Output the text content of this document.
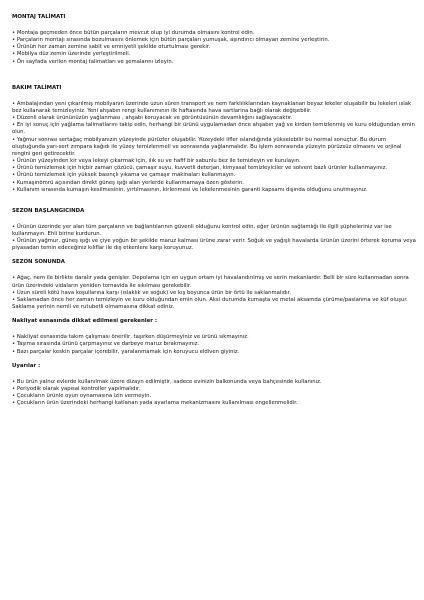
MONTAJ TALİMATI
• Montaja geçmeden önce bütün parçaların mevcut olup iyi durumda olmasını kontrol edin.
• Parçaların montajı sırasında bozulmasını önlemek için bütün parçaları yumuşak, aşındırıcı olmayan zemine yerleştirin.
• Ürünün her zaman zemine sabit ve emniyetli şekilde oturtulması gerekir.
• Mobilya düz zemin üzerinde yerleştirilmeli.
• Ön sayfada verilen montaj talimatları ve şemalarını izleyin.
BAKIM TALİMATI
• Ambalajından yeni çıkarılmış mobilyanın üzerinde uzun süren transport ve nem farklılıklarından kaynaklanan beyaz lekeler oluşabilir bu lekeleri ıslak bez kullanarak temizleyiniz. Yeni ahşabın rengi kullanımının ilk haftasında hava sartlarina bağlı olarak değişebilir.
• Düzenli olarak ürününüzün yağlanması , ahşabı koruyacak ve görüntüsünün devamlılığını sağlayacaktır.
• En iyi sonuç için yağlama talimatlarını takip edin, herhangi bir ürünü uygulamadan önce ahşabın yağ ve kirden temizlenmiş ve kuru olduğundan emin olun.
• Yağmur sonrası sertağaç mobilyanızın yüzeyinde pürüzler oluşabilir. Yüzeydeki lifler ıslandığında yükselebilir bu normal sonuçtur. Bu durum oluştuğunda yarı-sert zımpara kağıdı ile yüzey temizlenmeli ve sonrasında yağlanmalıdır. Bu işlem sonrasında yüzeyin pürüzsüz olmasını ve orjinal rengini geri getirecektir.
• Ürünün yüzeyinden kir veya lekeyi çıkarmak için, ılık su ve hafif bir sabunlu bez ile temizleyin ve kurulayın.
• Ürünü temizlemek için hiçbir zaman çözücü, çamaşır suyu, kuvvetli deterjan, kimyasal temizleyiciler ve solvent bazlı ürünler kullanmayınız.
• Ürünü temizlemek için yüksek basınçlı yıkama ve çamaşır makinaları kullanmayın.
• Kumaşınömrü açısından direkt güneş ışığı alan yerlerde kullanmamaya özen gösterin.
• Kullanım sırasında kumaşın kesilmesinin, yırtılmasının, kirlenmesi ve lekelenmesinin garanti kapsamı dışında olduğunu unutmayınız.
SEZON BAŞLANGICINDA
• Ürünün üzerinde yer alan tüm parçaların ve bağlantılarının güvenli olduğunu kontrol edin, eğer ürünün sağlamlığı ile ilgili şüpheleriniz var ise kullanmayın. Ehli birine kurdurun.
• Ürünün yağmur, güneş ışığı ve çiye yoğun bir şekilde maruz kalması ürüne zarar verir. Soğuk ve yağışlı havalarda ürünün üzerini örterek koruma veya piyasadan temin edeceğiniz kılıflar ile dış etkenlere karşı koruyunuz.
SEZON SONUNDA
• Ağaç, nem ile birlikte daralır yada genişler. Depolama için en uygun ortam iyi havalandırılmış ve serin mekanlardır. Belli bir süre kullanmadan sonra ürün üzerindeki vidaların yeniden tornavida ile sıkılması gerekebilir.
• Uzun süreli kötü hava koşullarına karşı (ıslaklık ve soğuk) ve kış boyunca ürün bir örtü ile saklanmalıdır.
• Saklamadan önce her zaman temizleyin ve kuru olduğundan emin olun. Aksi durumda kumaşta ve metal aksamda çürüme/paslanma ve küf oluşur. Saklama yerinin nemli ve rutubetli olmamasına dikkat ediniz.
Nakliyat esnasında dikkat edilmesi gerekenler :
• Nakliyat esnasında takım çalışması önerilir, taşırken düşürmeyiniz ve ürünü sıkmayınız.
• Taşıma sırasında ürünü çarpmayınız ve darbeye maruz bırakmayınız.
• Bazı parçalar keskin parçalar içerebilir, yaralanmamak için koruyucu eldiven giyiniz.
Uyarılar :
• Bu ürün yalnız evlerde kullanılmak üzere dizayn edilmiştir, sadece evinizin balkonunda veya bahçesinde kullanınız.
• Periyodik olarak yapısal kontroller yapılmalıdır.
• Çocukların ürünle oyun oynamasına izin vermeyin.
• Çocukların ürün üzerindeki herhangi katlanan yada ayarlama mekanizmasını kullanılması engellenmelidir.
